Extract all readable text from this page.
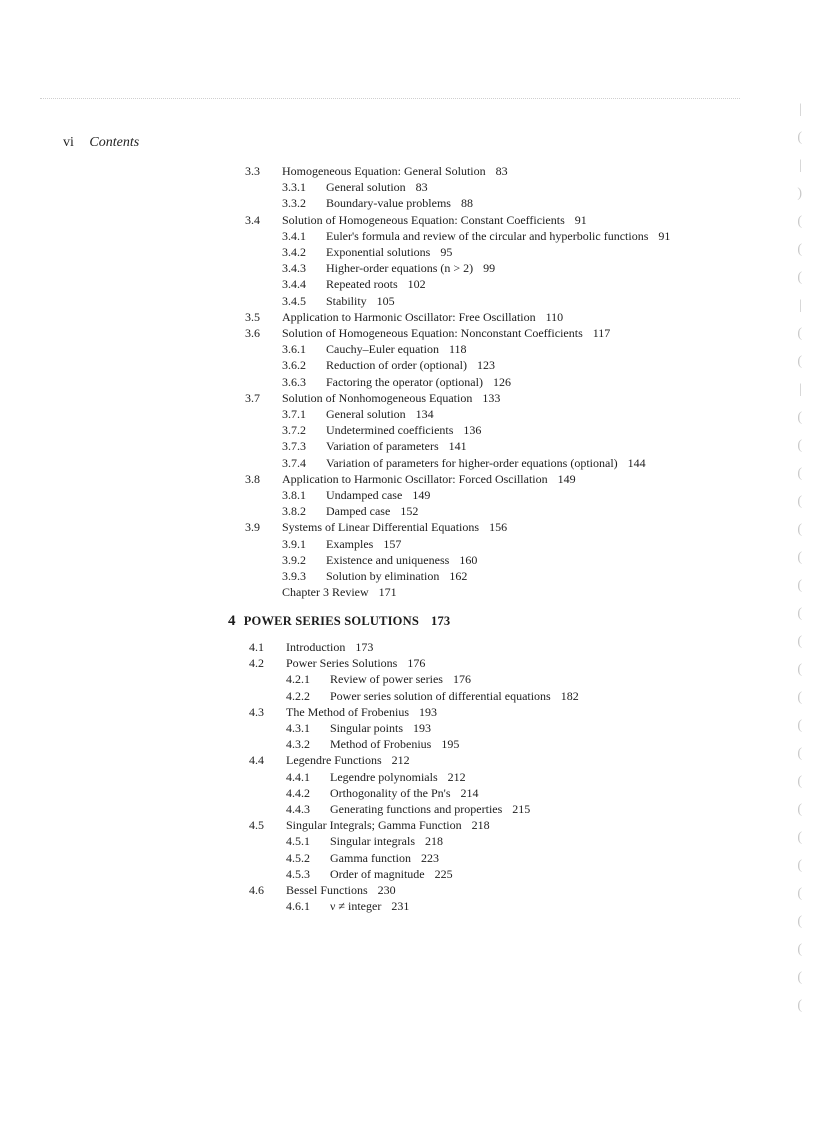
|
(
|
)
(
(
(
|
(
(
|
(
(
(
(
(
(
(
(
(
(
(
(
(
(
(
(
(
(
(
(
(
(
vi Contents
3.3 Homogeneous Equation: General Solution 83
3.3.1 General solution 83
3.3.2 Boundary-value problems 88
3.4 Solution of Homogeneous Equation: Constant Coefficients 91
3.4.1 Euler's formula and review of the circular and hyperbolic functions 91
3.4.2 Exponential solutions 95
3.4.3 Higher-order equations (n > 2) 99
3.4.4 Repeated roots 102
3.4.5 Stability 105
3.5 Application to Harmonic Oscillator: Free Oscillation 110
3.6 Solution of Homogeneous Equation: Nonconstant Coefficients 117
3.6.1 Cauchy–Euler equation 118
3.6.2 Reduction of order (optional) 123
3.6.3 Factoring the operator (optional) 126
3.7 Solution of Nonhomogeneous Equation 133
3.7.1 General solution 134
3.7.2 Undetermined coefficients 136
3.7.3 Variation of parameters 141
3.7.4 Variation of parameters for higher-order equations (optional) 144
3.8 Application to Harmonic Oscillator: Forced Oscillation 149
3.8.1 Undamped case 149
3.8.2 Damped case 152
3.9 Systems of Linear Differential Equations 156
3.9.1 Examples 157
3.9.2 Existence and uniqueness 160
3.9.3 Solution by elimination 162
Chapter 3 Review 171
4 POWER SERIES SOLUTIONS 173
4.1 Introduction 173
4.2 Power Series Solutions 176
4.2.1 Review of power series 176
4.2.2 Power series solution of differential equations 182
4.3 The Method of Frobenius 193
4.3.1 Singular points 193
4.3.2 Method of Frobenius 195
4.4 Legendre Functions 212
4.4.1 Legendre polynomials 212
4.4.2 Orthogonality of the Pn's 214
4.4.3 Generating functions and properties 215
4.5 Singular Integrals; Gamma Function 218
4.5.1 Singular integrals 218
4.5.2 Gamma function 223
4.5.3 Order of magnitude 225
4.6 Bessel Functions 230
4.6.1 ν ≠ integer 231
